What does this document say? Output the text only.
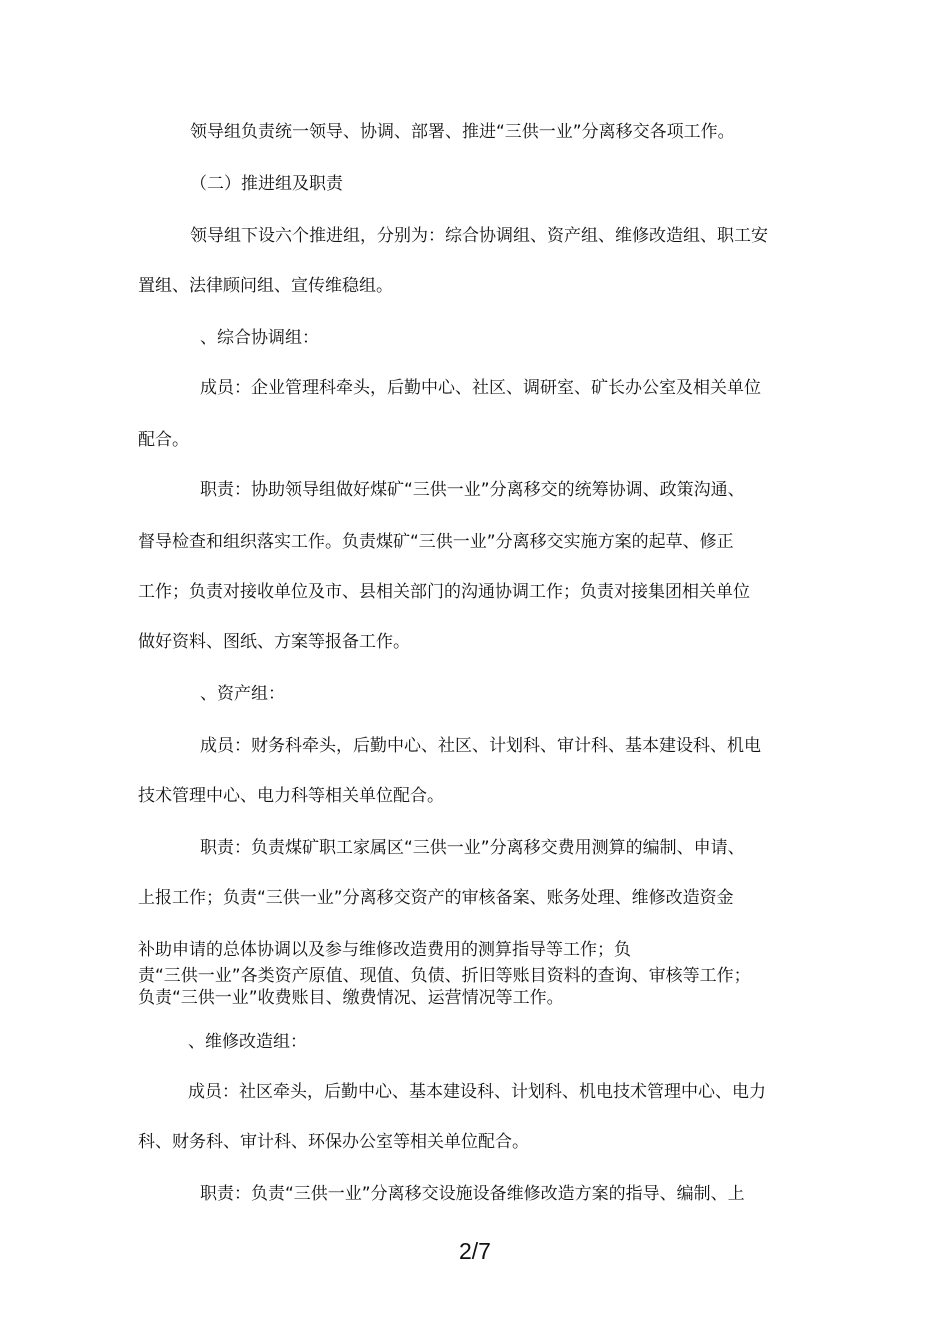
领导组负责统一领导、协调、部署、推进“三供一业”分离移交各项工作。
（二）推进组及职责
领导组下设六个推进组，分别为：综合协调组、资产组、维修改造组、职工安
置组、法律顾问组、宣传维稳组。
、综合协调组：
成员：企业管理科牵头，后勤中心、社区、调研室、矿长办公室及相关单位
配合。
职责：协助领导组做好煤矿“三供一业”分离移交的统筹协调、政策沟通、
督导检查和组织落实工作。负责煤矿“三供一业”分离移交实施方案的起草、修正
工作；负责对接收单位及市、县相关部门的沟通协调工作；负责对接集团相关单位
做好资料、图纸、方案等报备工作。
、资产组：
成员：财务科牵头，后勤中心、社区、计划科、审计科、基本建设科、机电
技术管理中心、电力科等相关单位配合。
职责：负责煤矿职工家属区“三供一业”分离移交费用测算的编制、申请、
上报工作；负责“三供一业”分离移交资产的审核备案、账务处理、维修改造资金
补助申请的总体协调以及参与维修改造费用的测算指导等工作；负
责“三供一业”各类资产原值、现值、负债、折旧等账目资料的查询、审核等工作；
负责“三供一业”收费账目、缴费情况、运营情况等工作。
、维修改造组：
成员：社区牵头，后勤中心、基本建设科、计划科、机电技术管理中心、电力
科、财务科、审计科、环保办公室等相关单位配合。
职责：负责“三供一业”分离移交设施设备维修改造方案的指导、编制、上
2/7
